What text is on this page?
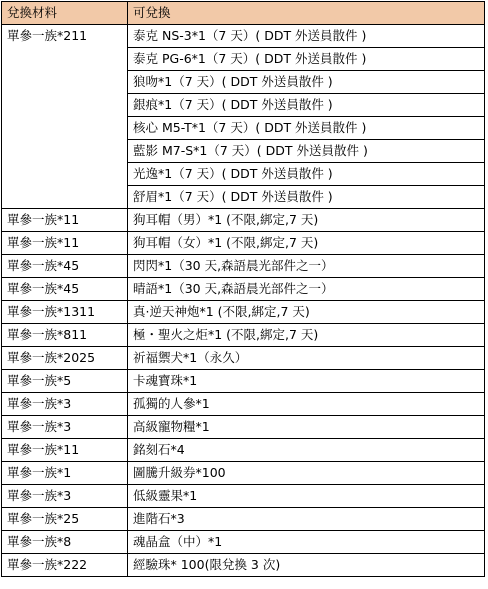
兌換材料	可兌換
單參一族*211	泰克 NS-3*1（7 天）( DDT 外送員散件 )
	泰克 PG-6*1（7 天）( DDT 外送員散件 )
	狼吻*1（7 天）( DDT 外送員散件 )
	銀痕*1（7 天）( DDT 外送員散件 )
	核心 M5-T*1（7 天）( DDT 外送員散件 )
	藍影 M7-S*1（7 天）( DDT 外送員散件 )
	光逸*1（7 天）( DDT 外送員散件 )
	舒眉*1（7 天）( DDT 外送員散件 )
單參一族*11	狗耳帽（男）*1 (不限,綁定,7 天)
單參一族*11	狗耳帽（女）*1 (不限,綁定,7 天)
單參一族*45	閃閃*1（30 天,森語晨光部件之一）
單參一族*45	晴語*1（30 天,森語晨光部件之一）
單參一族*1311	真·逆天神炮*1 (不限,綁定,7 天)
單參一族*811	極・聖火之炬*1 (不限,綁定,7 天)
單參一族*2025	祈福禦犬*1（永久）
單參一族*5	卡魂寶珠*1
單參一族*3	孤獨的人參*1
單參一族*3	高級寵物糧*1
單參一族*11	銘刻石*4
單參一族*1	圖騰升級券*100
單參一族*3	低級靈果*1
單參一族*25	進階石*3
單參一族*8	魂晶盒（中）*1
單參一族*222	經驗珠* 100(限兌換 3 次)
